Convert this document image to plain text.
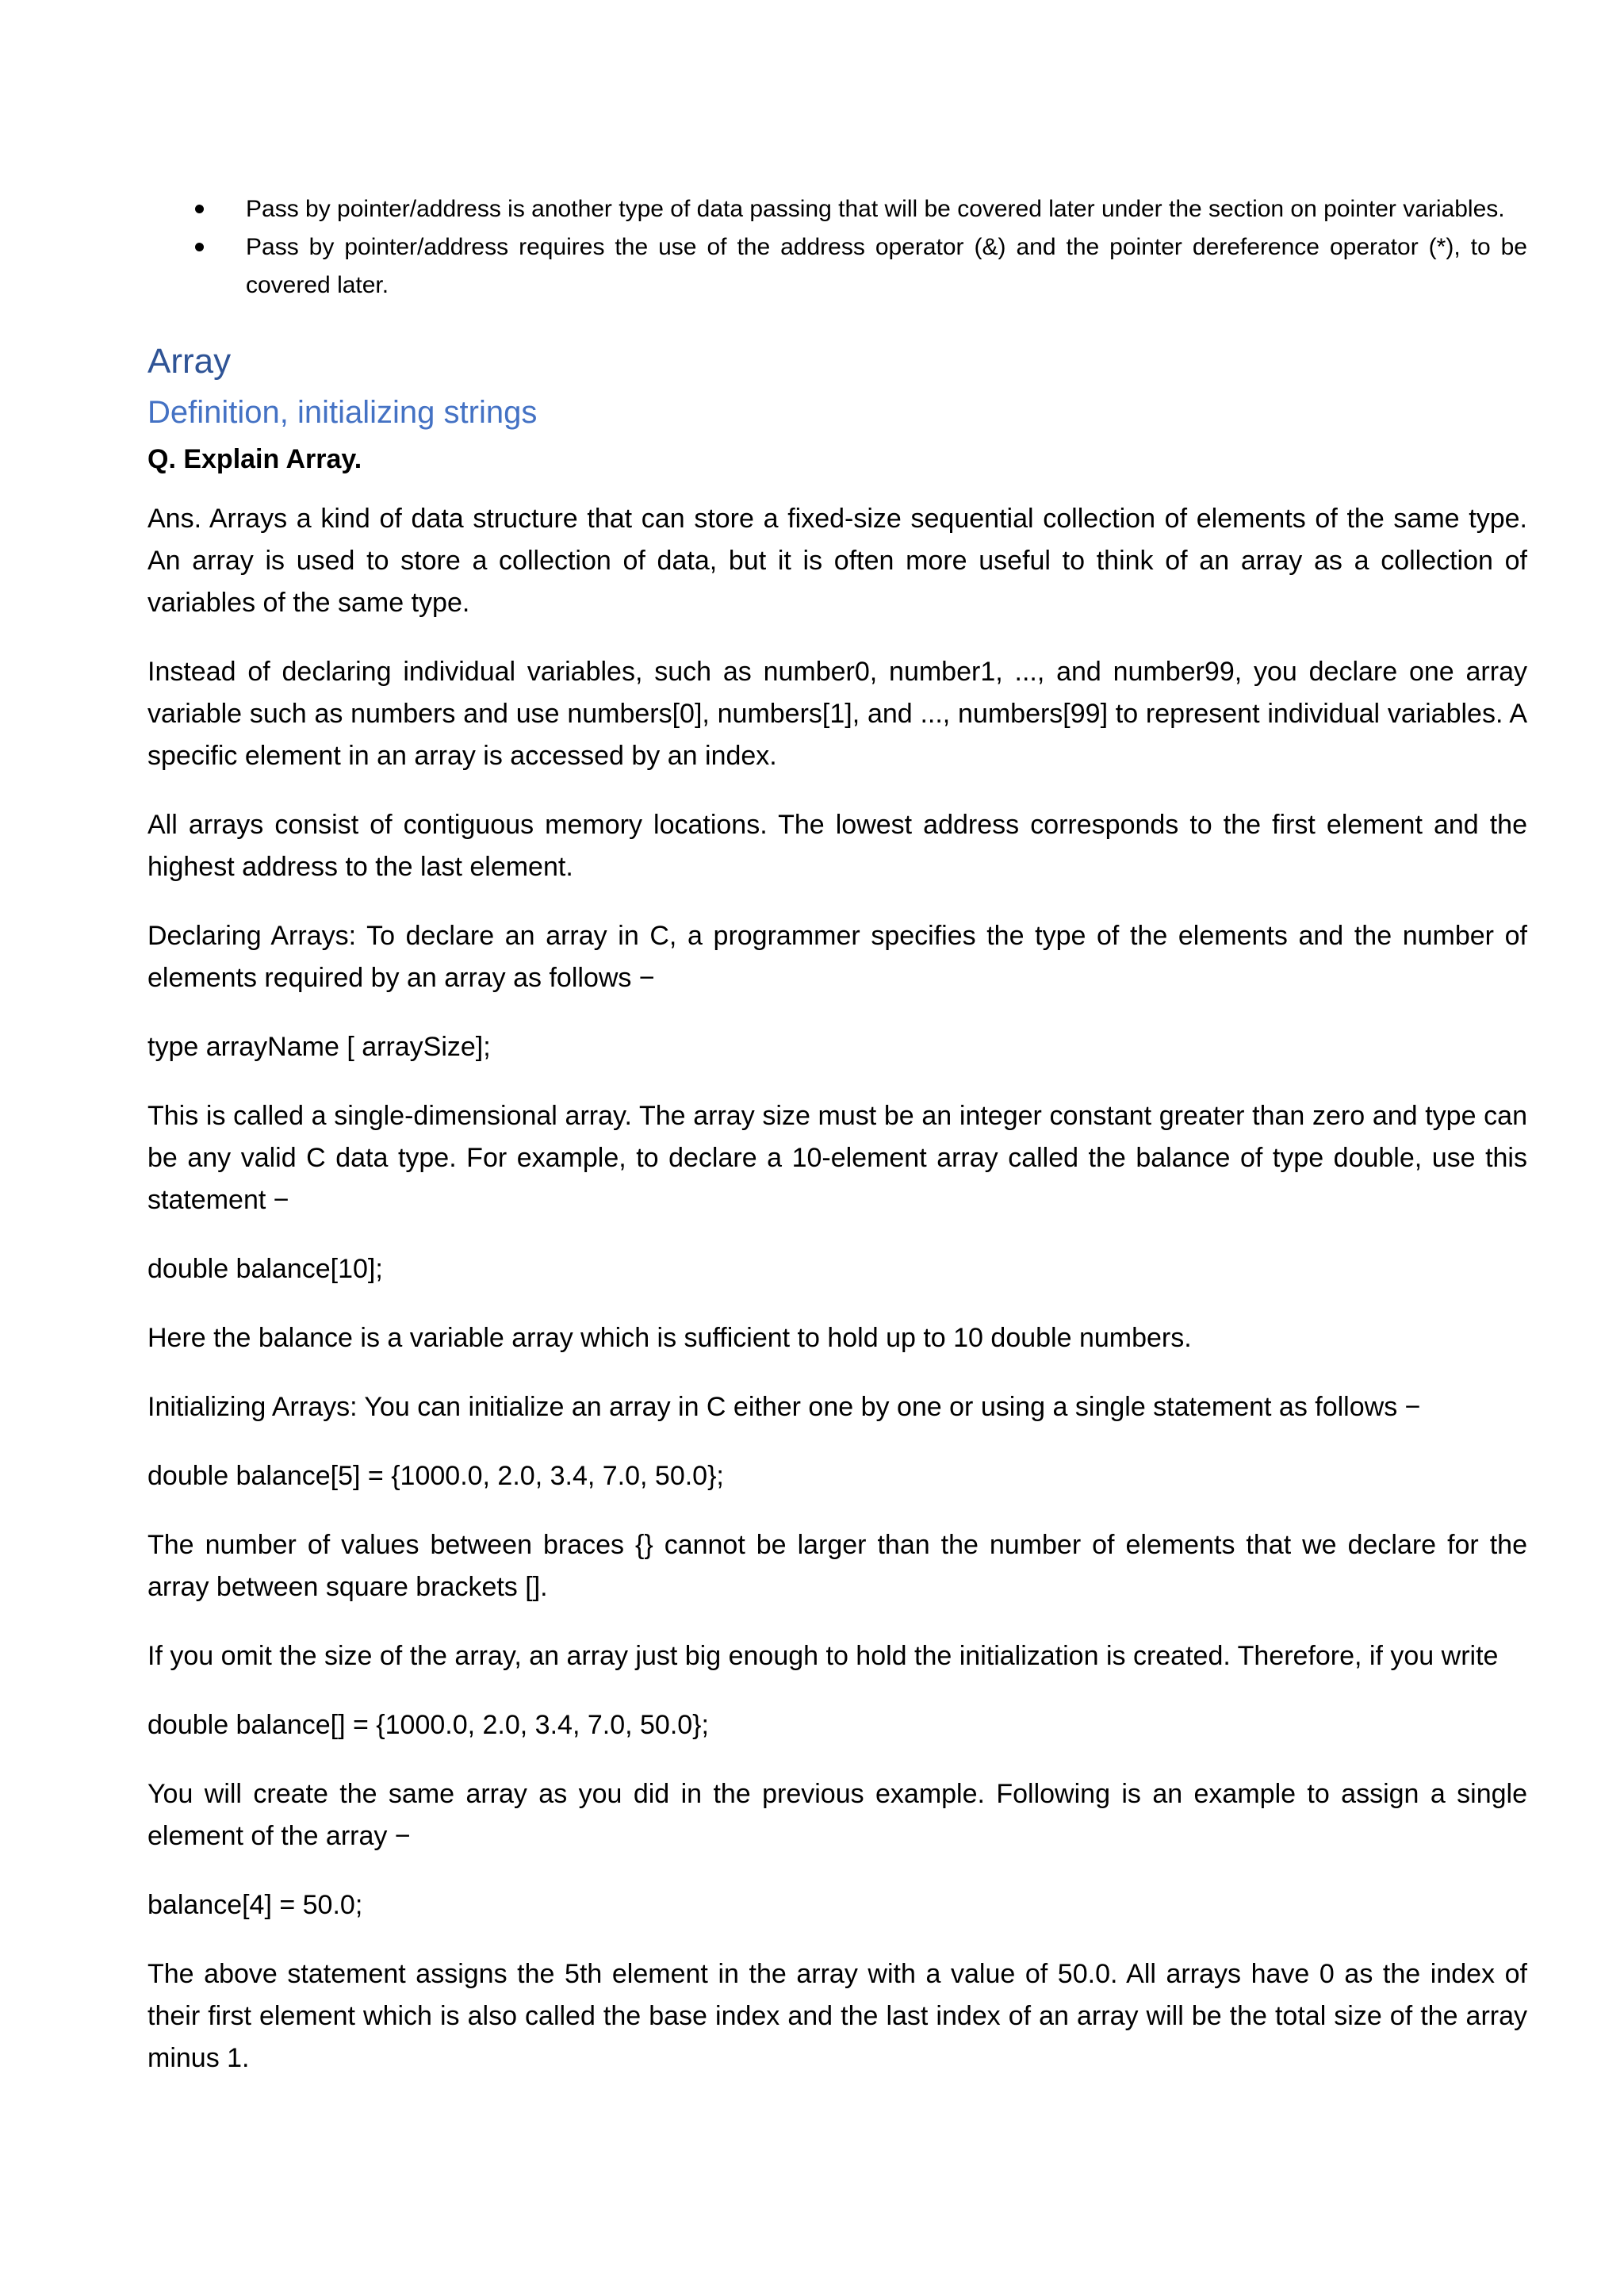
Pass by pointer/address is another type of data passing that will be covered later under the section on pointer variables.
Pass by pointer/address requires the use of the address operator (&) and the pointer dereference operator (*), to be covered later.
Array
Definition, initializing strings

Q. Explain Array.

Ans. Arrays a kind of data structure that can store a fixed-size sequential collection of elements of the same type. An array is used to store a collection of data, but it is often more useful to think of an array as a collection of variables of the same type.

Instead of declaring individual variables, such as number0, number1, ..., and number99, you declare one array variable such as numbers and use numbers[0], numbers[1], and ..., numbers[99] to represent individual variables. A specific element in an array is accessed by an index.

All arrays consist of contiguous memory locations. The lowest address corresponds to the first element and the highest address to the last element.

Declaring Arrays: To declare an array in C, a programmer specifies the type of the elements and the number of elements required by an array as follows −

type arrayName [ arraySize];

This is called a single-dimensional array. The array size must be an integer constant greater than zero and type can be any valid C data type. For example, to declare a 10-element array called the balance of type double, use this statement −

double balance[10];

Here the balance is a variable array which is sufficient to hold up to 10 double numbers.

Initializing Arrays: You can initialize an array in C either one by one or using a single statement as follows −

double balance[5] = {1000.0, 2.0, 3.4, 7.0, 50.0};

The number of values between braces {} cannot be larger than the number of elements that we declare for the array between square brackets [].

If you omit the size of the array, an array just big enough to hold the initialization is created. Therefore, if you write

double balance[] = {1000.0, 2.0, 3.4, 7.0, 50.0};

You will create the same array as you did in the previous example. Following is an example to assign a single element of the array −

balance[4] = 50.0;

The above statement assigns the 5th element in the array with a value of 50.0. All arrays have 0 as the index of their first element which is also called the base index and the last index of an array will be the total size of the array minus 1.
